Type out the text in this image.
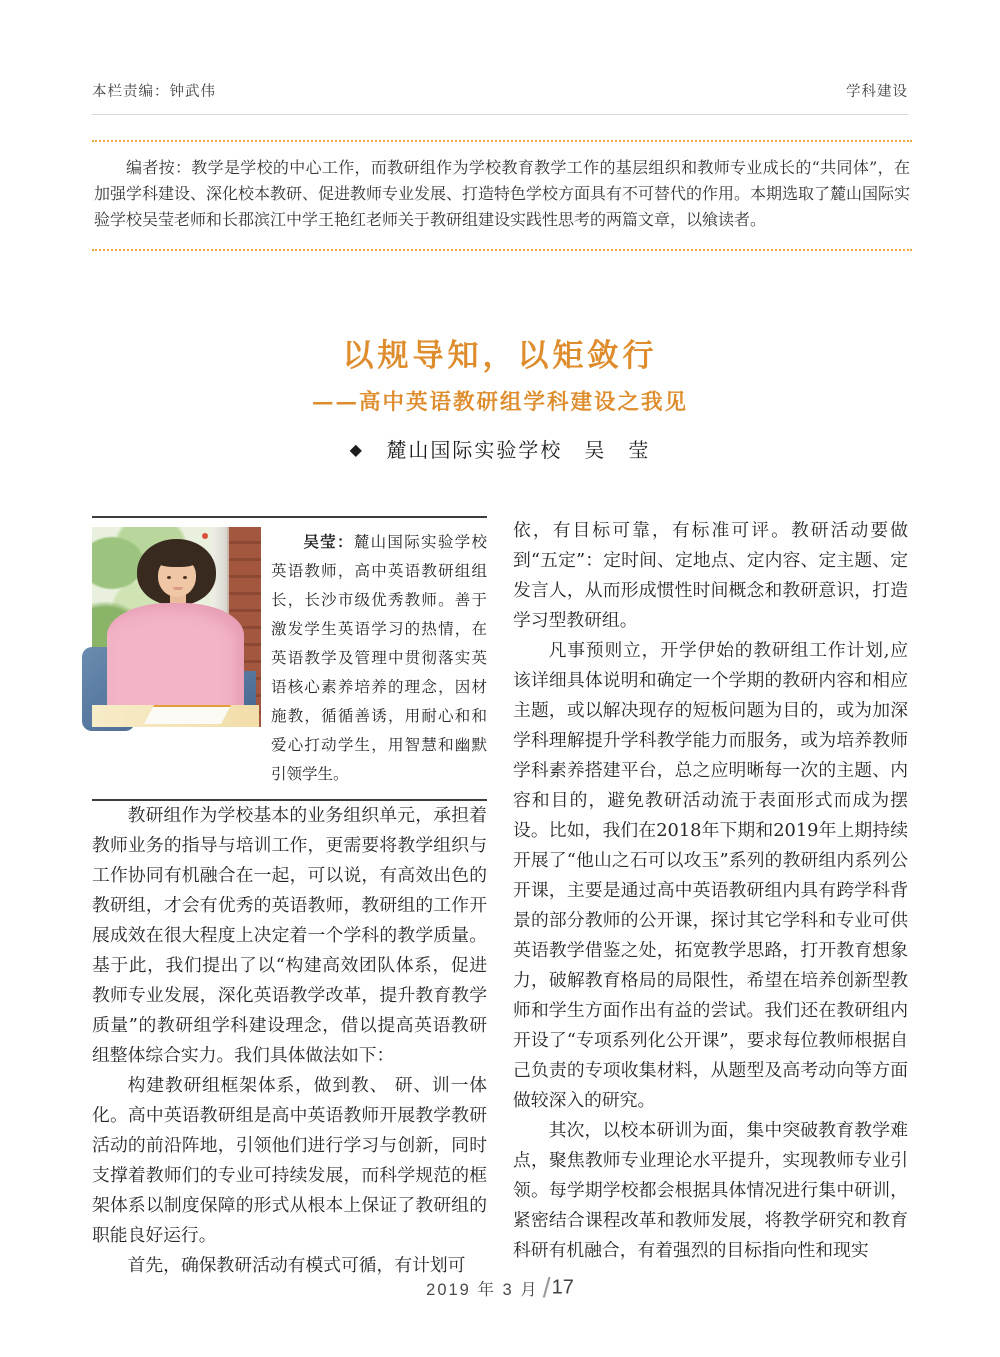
本栏责编：钟武伟	学科建设

编者按：教学是学校的中心工作，而教研组作为学校教育教学工作的基层组织和教师专业成长的“共同体”，在加强学科建设、深化校本教研、促进教师专业发展、打造特色学校方面具有不可替代的作用。本期选取了麓山国际实验学校吴莹老师和长郡滨江中学王艳红老师关于教研组建设实践性思考的两篇文章，以飨读者。

以规导知，以矩敛行

——高中英语教研组学科建设之我见

◆ 麓山国际实验学校　吴　莹
吴莹：麓山国际实验学校英语教师，高中英语教研组组长，长沙市级优秀教师。善于激发学生英语学习的热情，在英语教学及管理中贯彻落实英语核心素养培养的理念，因材施教，循循善诱，用耐心和和爱心打动学生，用智慧和幽默引领学生。

教研组作为学校基本的业务组织单元，承担着教师业务的指导与培训工作，更需要将教学组织与工作协同有机融合在一起，可以说，有高效出色的教研组，才会有优秀的英语教师，教研组的工作开展成效在很大程度上决定着一个学科的教学质量。基于此，我们提出了以“构建高效团队体系，促进教师专业发展，深化英语教学改革，提升教育教学质量”的教研组学科建设理念，借以提高英语教研组整体综合实力。我们具体做法如下：

构建教研组框架体系，做到教、 研、训一体化。高中英语教研组是高中英语教师开展教学教研活动的前沿阵地，引领他们进行学习与创新，同时支撑着教师们的专业可持续发展，而科学规范的框架体系以制度保障的形式从根本上保证了教研组的职能良好运行。

首先，确保教研活动有模式可循，有计划可

依，有目标可靠，有标准可评。教研活动要做到“五定”：定时间、定地点、定内容、定主题、定发言人，从而形成惯性时间概念和教研意识，打造学习型教研组。

凡事预则立，开学伊始的教研组工作计划,应该详细具体说明和确定一个学期的教研内容和相应主题，或以解决现存的短板问题为目的，或为加深学科理解提升学科教学能力而服务，或为培养教师学科素养搭建平台，总之应明晰每一次的主题、内容和目的，避免教研活动流于表面形式而成为摆设。比如，我们在2018年下期和2019年上期持续开展了“他山之石可以攻玉”系列的教研组内系列公开课，主要是通过高中英语教研组内具有跨学科背景的部分教师的公开课，探讨其它学科和专业可供英语教学借鉴之处，拓宽教学思路，打开教育想象力，破解教育格局的局限性，希望在培养创新型教师和学生方面作出有益的尝试。我们还在教研组内开设了“专项系列化公开课”，要求每位教师根据自己负责的专项收集材料，从题型及高考动向等方面做较深入的研究。

其次，以校本研训为面，集中突破教育教学难点，聚焦教师专业理论水平提升，实现教师专业引领。每学期学校都会根据具体情况进行集中研训，紧密结合课程改革和教师发展，将教学研究和教育科研有机融合，有着强烈的目标指向性和现实

2019 年 3 月 /17
